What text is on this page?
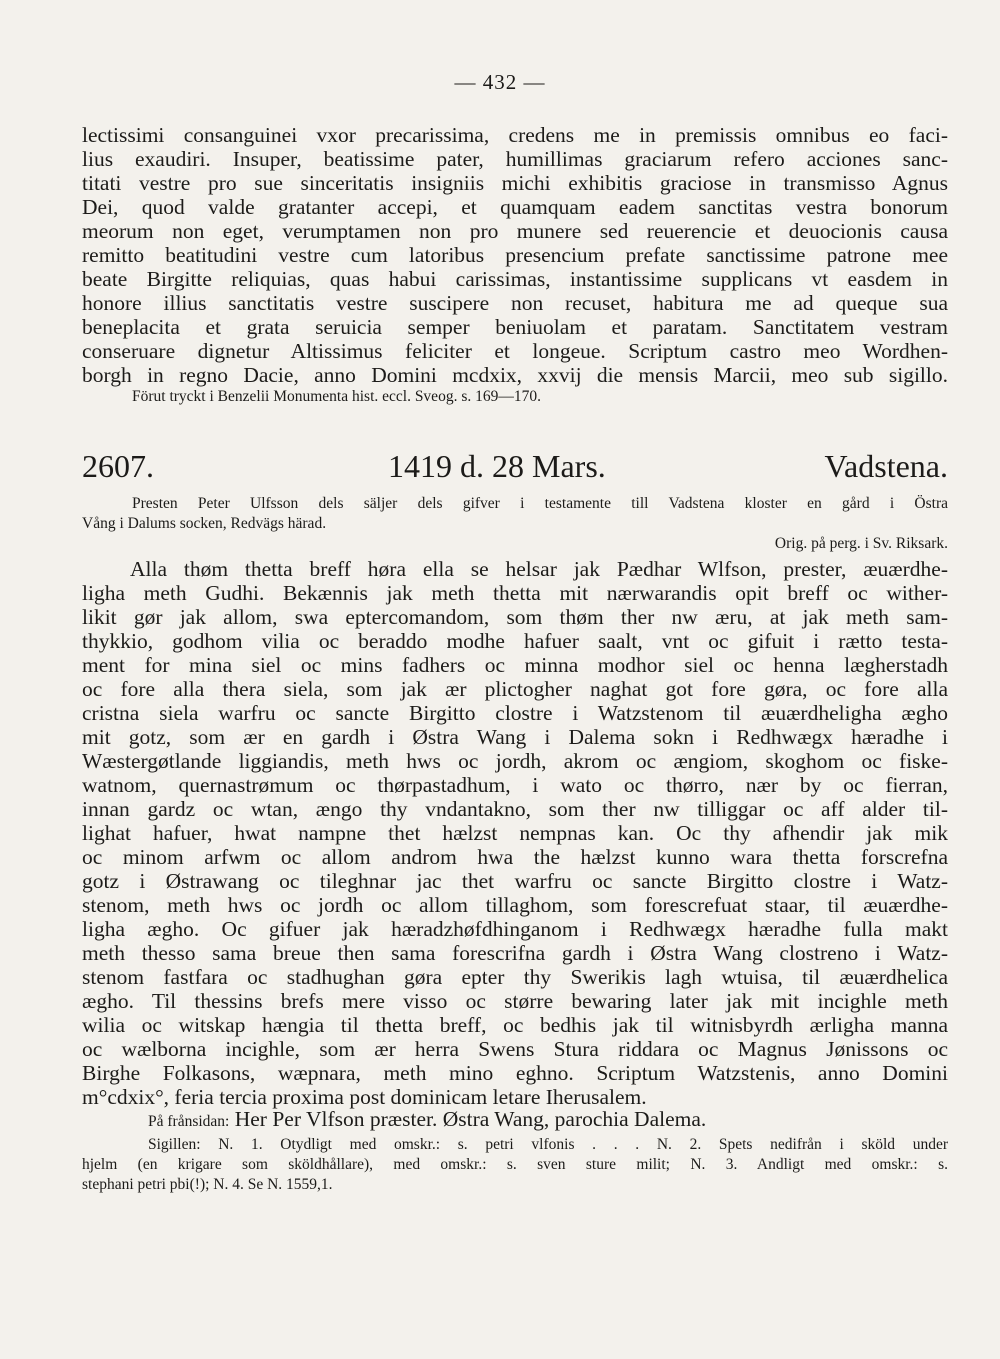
— 432 —
lectissimi consanguinei vxor precarissima, credens me in premissis omnibus eo faci-
lius exaudiri. Insuper, beatissime pater, humillimas graciarum refero acciones sanc-
titati vestre pro sue sinceritatis insigniis michi exhibitis graciose in transmisso Agnus
Dei, quod valde gratanter accepi, et quamquam eadem sanctitas vestra bonorum
meorum non eget, verumptamen non pro munere sed reuerencie et deuocionis causa
remitto beatitudini vestre cum latoribus presencium prefate sanctissime patrone mee
beate Birgitte reliquias, quas habui carissimas, instantissime supplicans vt easdem in
honore illius sanctitatis vestre suscipere non recuset, habitura me ad queque sua
beneplacita et grata seruicia semper beniuolam et paratam. Sanctitatem vestram
conseruare dignetur Altissimus feliciter et longeue. Scriptum castro meo Wordhen-
borgh in regno Dacie, anno Domini mcdxix, xxvij die mensis Marcii, meo sub sigillo.
Förut tryckt i Benzelii Monumenta hist. eccl. Sveog. s. 169—170.
2607.	1419 d. 28 Mars.	Vadstena.
Presten Peter Ulfsson dels säljer dels gifver i testamente till Vadstena kloster en gård i Östra
Vång i Dalums socken, Redvägs härad.
Orig. på perg. i Sv. Riksark.
Alla thøm thetta breff høra ella se helsar jak Pædhar Wlfson, prester, æuærdhe-
ligha meth Gudhi. Bekænnis jak meth thetta mit nærwarandis opit breff oc wither-
likit gør jak allom, swa eptercomandom, som thøm ther nw æru, at jak meth sam-
thykkio, godhom vilia oc beraddo modhe hafuer saalt, vnt oc gifuit i rætto testa-
ment for mina siel oc mins fadhers oc minna modhor siel oc henna lægherstadh
oc fore alla thera siela, som jak ær plictogher naghat got fore gøra, oc fore alla
cristna siela warfru oc sancte Birgitto clostre i Watzstenom til æuærdheligha ægho
mit gotz, som ær en gardh i Østra Wang i Dalema sokn i Redhwægx hæradhe i
Wæstergøtlande liggiandis, meth hws oc jordh, akrom oc ængiom, skoghom oc fiske-
watnom, quernastrømum oc thørpastadhum, i wato oc thørro, nær by oc fierran,
innan gardz oc wtan, ængo thy vndantakno, som ther nw tilliggar oc aff alder til-
lighat hafuer, hwat nampne thet hælzst nempnas kan. Oc thy afhendir jak mik
oc minom arfwm oc allom androm hwa the hælzst kunno wara thetta forscrefna
gotz i Østrawang oc tileghnar jac thet warfru oc sancte Birgitto clostre i Watz-
stenom, meth hws oc jordh oc allom tillaghom, som forescrefuat staar, til æuærdhe-
ligha ægho. Oc gifuer jak hæradzhøfdhinganom i Redhwægx hæradhe fulla makt
meth thesso sama breue then sama forescrifna gardh i Østra Wang clostreno i Watz-
stenom fastfara oc stadhughan gøra epter thy Swerikis lagh wtuisa, til æuærdhelica
ægho. Til thessins brefs mere visso oc større bewaring later jak mit incighle meth
wilia oc witskap hængia til thetta breff, oc bedhis jak til witnisbyrdh ærligha manna
oc wælborna incighle, som ær herra Swens Stura riddara oc Magnus Jønissons oc
Birghe Folkasons, wæpnara, meth mino eghno. Scriptum Watzstenis, anno Domini
m°cdxix°, feria tercia proxima post dominicam letare Iherusalem.
På frånsidan: Her Per Vlfson præster. Østra Wang, parochia Dalema.
Sigillen: N. 1. Otydligt med omskr.: s. petri vlfonis . . . N. 2. Spets nedifrån i sköld under
hjelm (en krigare som sköldhållare), med omskr.: s. sven sture milit; N. 3. Andligt med omskr.: s.
stephani petri pbi(!); N. 4. Se N. 1559,1.
